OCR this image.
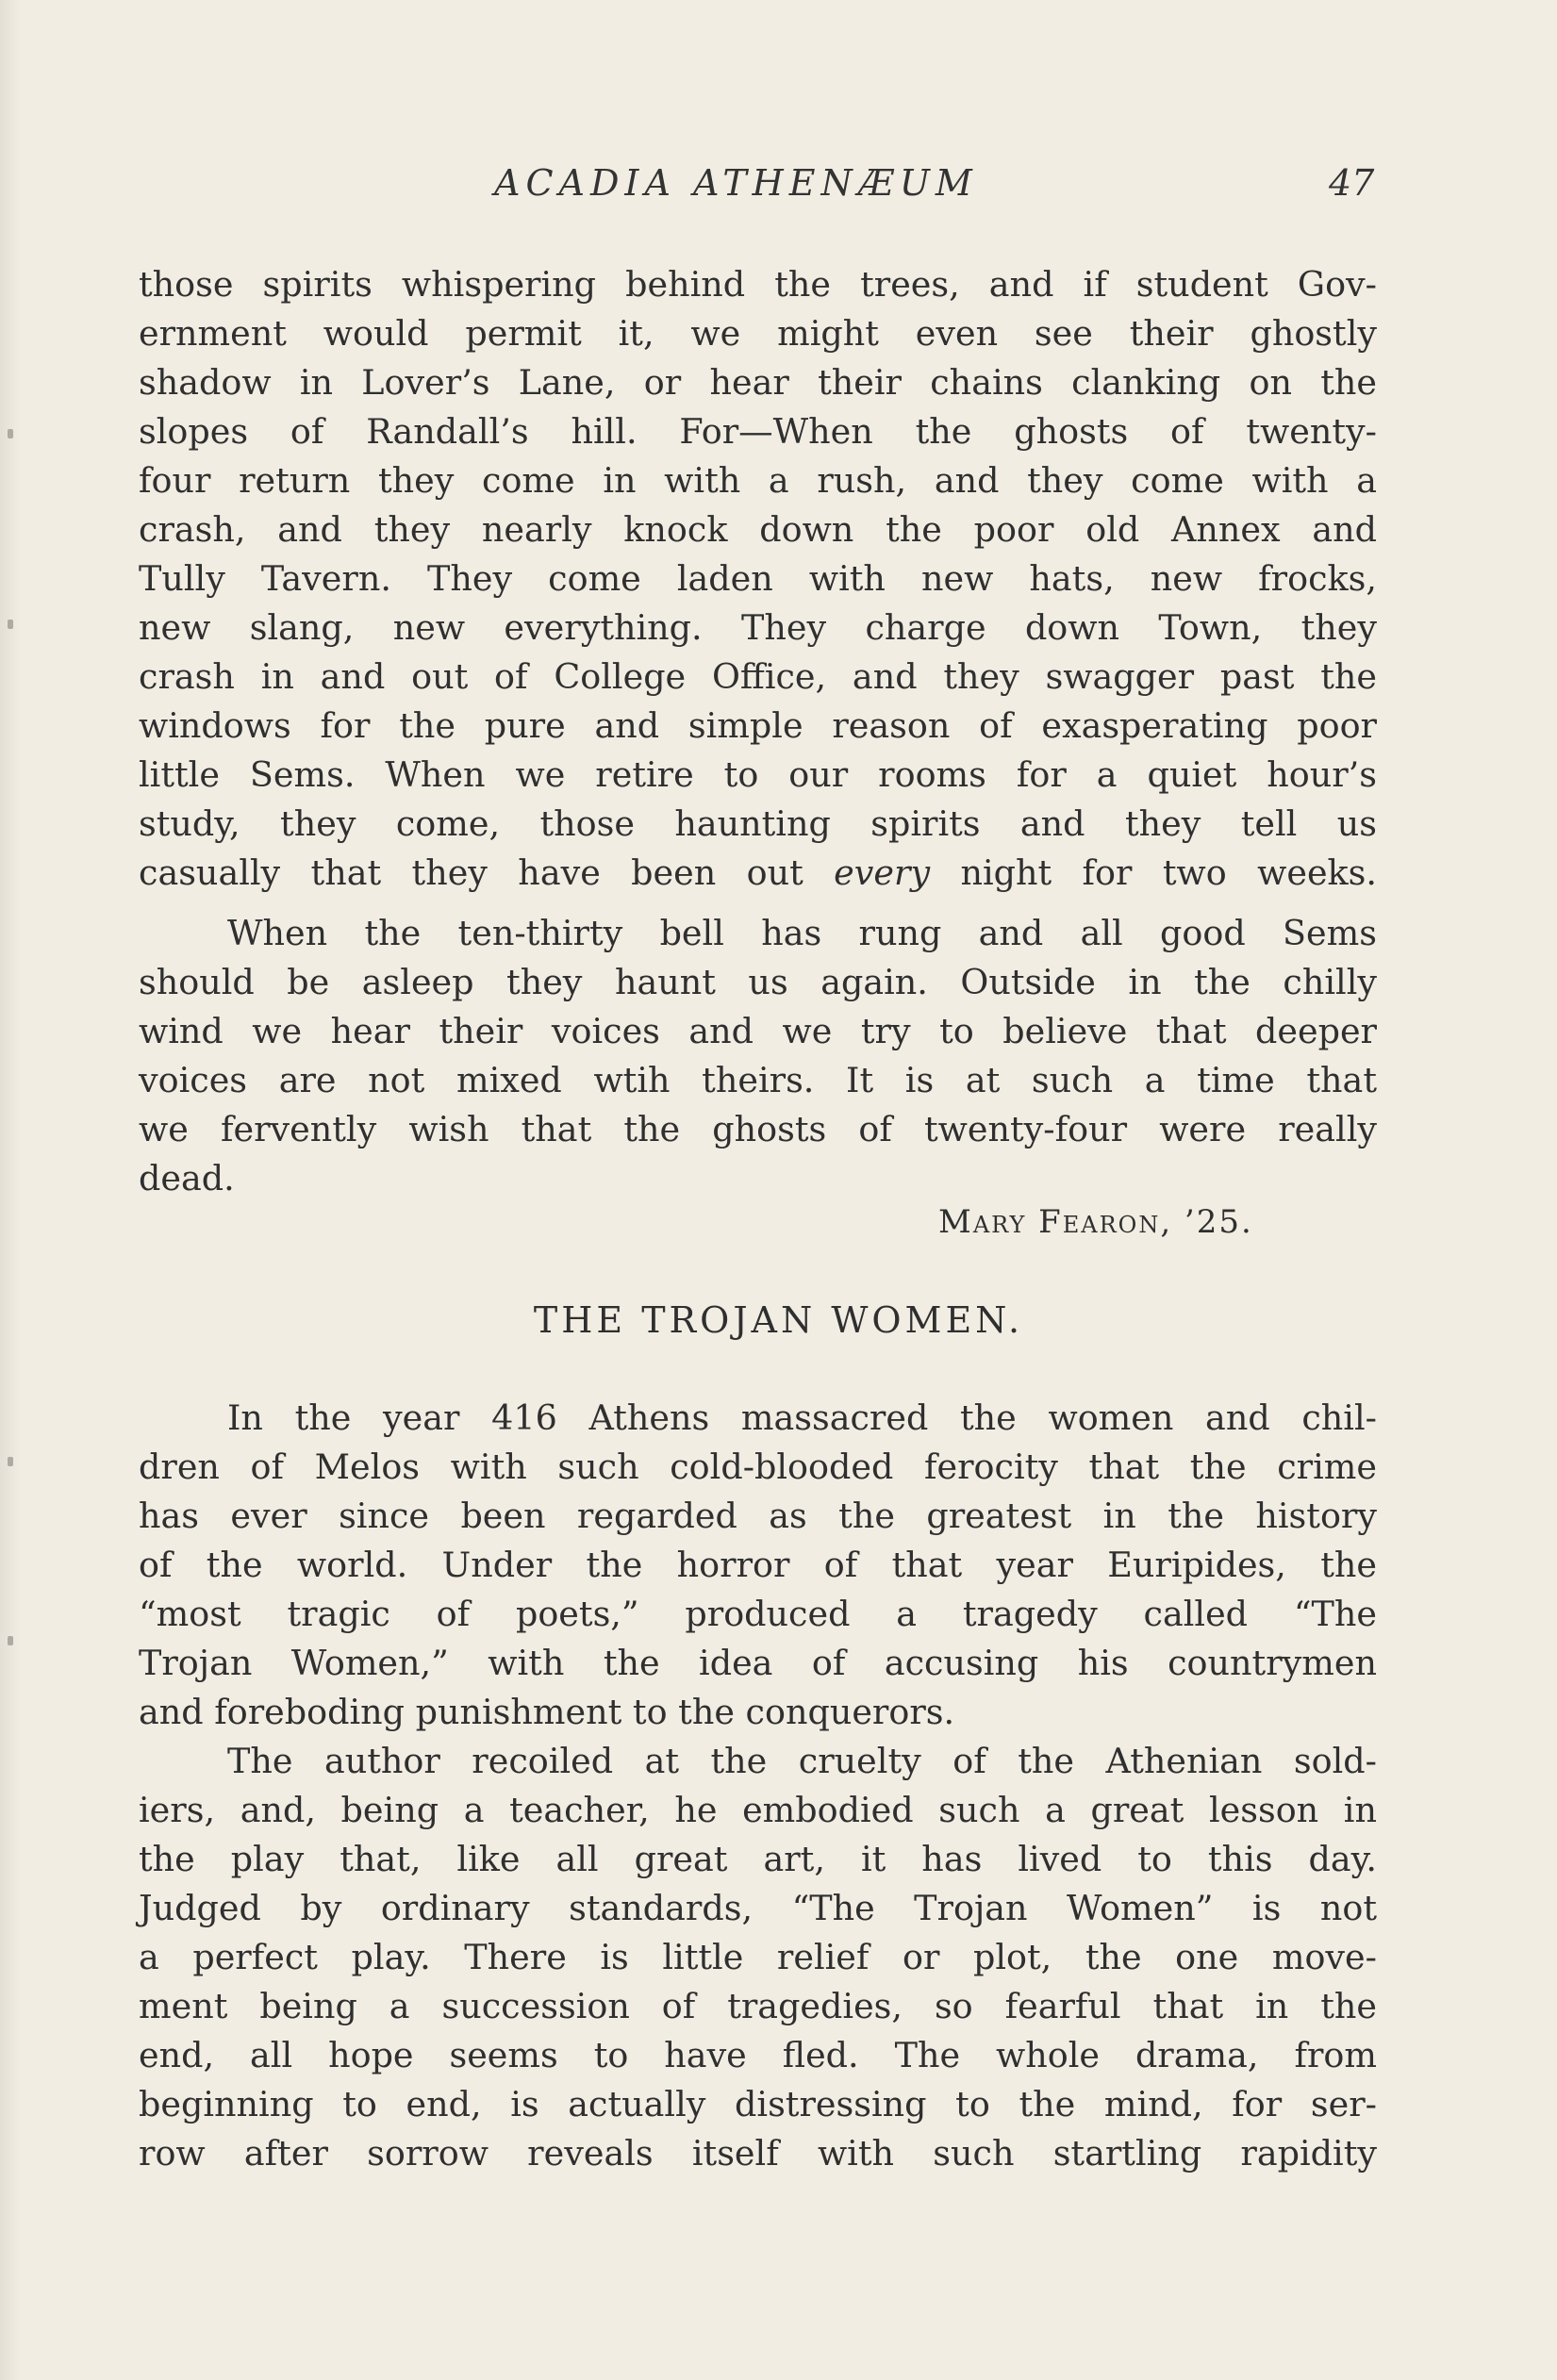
ACADIA ATHENÆUM	47
those spirits whispering behind the trees, and if student Gov-
ernment would permit it, we might even see their ghostly
shadow in Lover’s Lane, or hear their chains clanking on the
slopes of Randall’s hill. For—When the ghosts of twenty-
four return they come in with a rush, and they come with a
crash, and they nearly knock down the poor old Annex and
Tully Tavern. They come laden with new hats, new frocks,
new slang, new everything. They charge down Town, they
crash in and out of College Office, and they swagger past the
windows for the pure and simple reason of exasperating poor
little Sems. When we retire to our rooms for a quiet hour’s
study, they come, those haunting spirits and they tell us
casually that they have been out every night for two weeks.
When the ten-thirty bell has rung and all good Sems
should be asleep they haunt us again. Outside in the chilly
wind we hear their voices and we try to believe that deeper
voices are not mixed wtih theirs. It is at such a time that
we fervently wish that the ghosts of twenty-four were really
dead.
Mary Fearon, ’25.
THE TROJAN WOMEN.
In the year 416 Athens massacred the women and chil-
dren of Melos with such cold-blooded ferocity that the crime
has ever since been regarded as the greatest in the history
of the world. Under the horror of that year Euripides, the
“most tragic of poets,” produced a tragedy called “The
Trojan Women,” with the idea of accusing his countrymen
and foreboding punishment to the conquerors.
The author recoiled at the cruelty of the Athenian sold-
iers, and, being a teacher, he embodied such a great lesson in
the play that, like all great art, it has lived to this day.
Judged by ordinary standards, “The Trojan Women” is not
a perfect play. There is little relief or plot, the one move-
ment being a succession of tragedies, so fearful that in the
end, all hope seems to have fled. The whole drama, from
beginning to end, is actually distressing to the mind, for ser-
row after sorrow reveals itself with such startling rapidity
